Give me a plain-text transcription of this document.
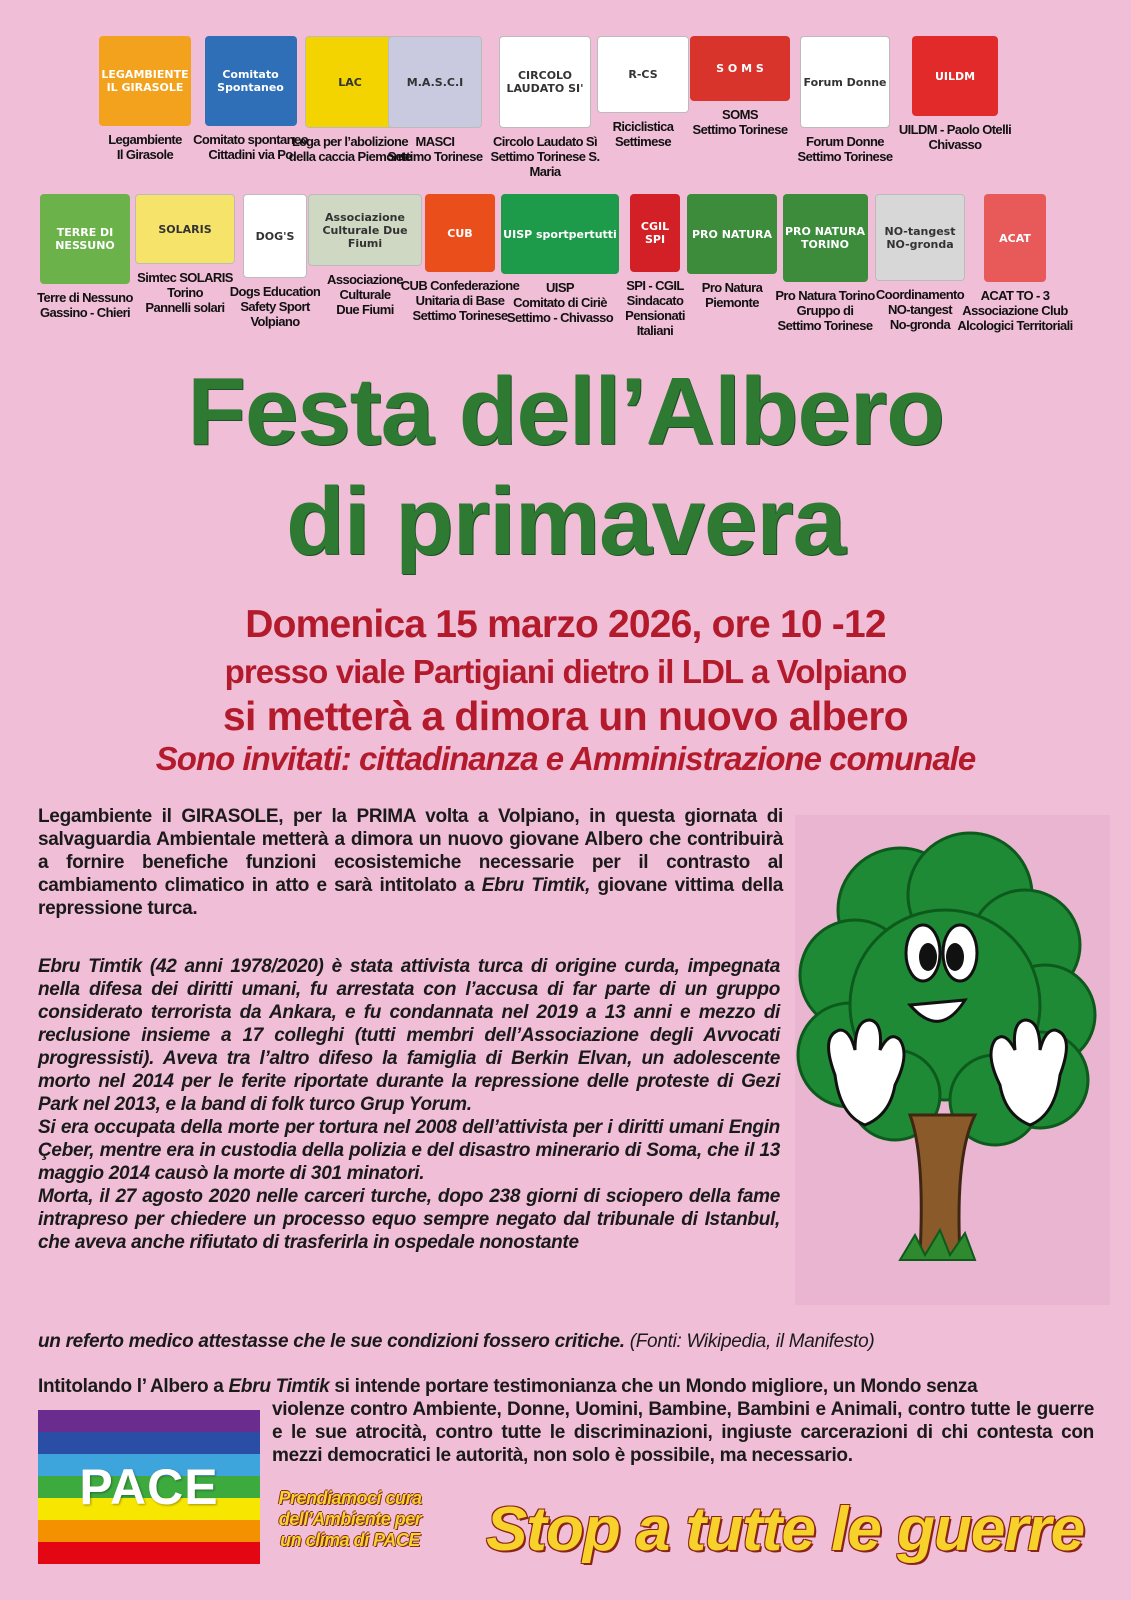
LEGAMBIENTE IL GIRASOLE
Legambiente
Il Girasole
Comitato Spontaneo
Comitato spontaneo
Cittadini via Po
LAC
Lega per l’abolizione
della caccia Piemonte
M.A.S.C.I
MASCI
Settimo Torinese
CIRCOLO LAUDATO SI'
Circolo Laudato Sì
Settimo Torinese S. Maria
R-CS
Riciclistica
Settimese
S O M S
SOMS
Settimo Torinese
Forum Donne
Forum Donne
Settimo Torinese
UILDM
UILDM - Paolo Otelli
Chivasso
TERRE DI NESSUNO
Terre di Nessuno
Gassino - Chieri
SOLARIS
Simtec SOLARIS
Torino
Pannelli solari
DOG'S
Dogs Education
Safety Sport
Volpiano
Associazione Culturale Due Fiumi
Associazione
Culturale
Due Fiumi
CUB
CUB Confederazione
Unitaria di Base
Settimo Torinese
UISP sportpertutti
UISP
Comitato di Ciriè
Settimo - Chivasso
CGIL SPI
SPI - CGIL
Sindacato Pensionati
Italiani
PRO NATURA
Pro Natura
Piemonte
PRO NATURA TORINO
Pro Natura Torino
Gruppo di
Settimo Torinese
NO-tangest NO-gronda
Coordinamento
NO-tangest
No-gronda
ACAT
ACAT TO - 3
Associazione Club
Alcologici Territoriali
Festa dell’Albero
di primavera
Domenica 15 marzo 2026, ore 10 -12
presso viale Partigiani dietro il LDL a Volpiano
si metterà a dimora un nuovo albero
Sono invitati: cittadinanza e Amministrazione comunale

Legambiente il GIRASOLE, per la PRIMA volta a Volpiano, in questa giornata di salvaguardia Ambientale metterà a dimora un nuovo giovane Albero che contribuirà a fornire benefiche funzioni ecosistemiche necessarie per il contrasto al cambiamento climatico in atto e sarà intitolato a Ebru Timtik, giovane vittima della repressione turca.

Ebru Timtik (42 anni 1978/2020) è stata attivista turca di origine curda, impegnata nella difesa dei diritti umani, fu arrestata con l’accusa di far parte di un gruppo considerato terrorista da Ankara, e fu condannata nel 2019 a 13 anni e mezzo di reclusione insieme a 17 colleghi (tutti membri dell’Associazione degli Avvocati progressisti). Aveva tra l’altro difeso la famiglia di Berkin Elvan, un adolescente morto nel 2014 per le ferite riportate durante la repressione delle proteste di Gezi Park nel 2013, e la band di folk turco Grup Yorum.

Si era occupata della morte per tortura nel 2008 dell’attivista per i diritti umani Engin Çeber, mentre era in custodia della polizia e del disastro minerario di Soma, che il 13 maggio 2014 causò la morte di 301 minatori.

Morta, il 27 agosto 2020 nelle carceri turche, dopo 238 giorni di sciopero della fame intrapreso per chiedere un processo equo sempre negato dal tribunale di Istanbul, che aveva anche rifiutato di trasferirla in ospedale nonostante

un referto medico attestasse che le sue condizioni fossero critiche. (Fonti: Wikipedia, il Manifesto)
Intitolando l’ Albero a Ebru Timtik si intende portare testimonianza che un Mondo migliore, un Mondo senza
violenze contro Ambiente, Donne, Uomini, Bambine, Bambini e Animali, contro tutte le guerre e le sue atrocità, contro tutte le discriminazioni, ingiuste carcerazioni di chi contesta con mezzi democratici le autorità, non solo è possibile, ma necessario.
PACE	Prendiamoci cura dell’Ambiente per un clima di PACE	Stop a tutte le guerre
